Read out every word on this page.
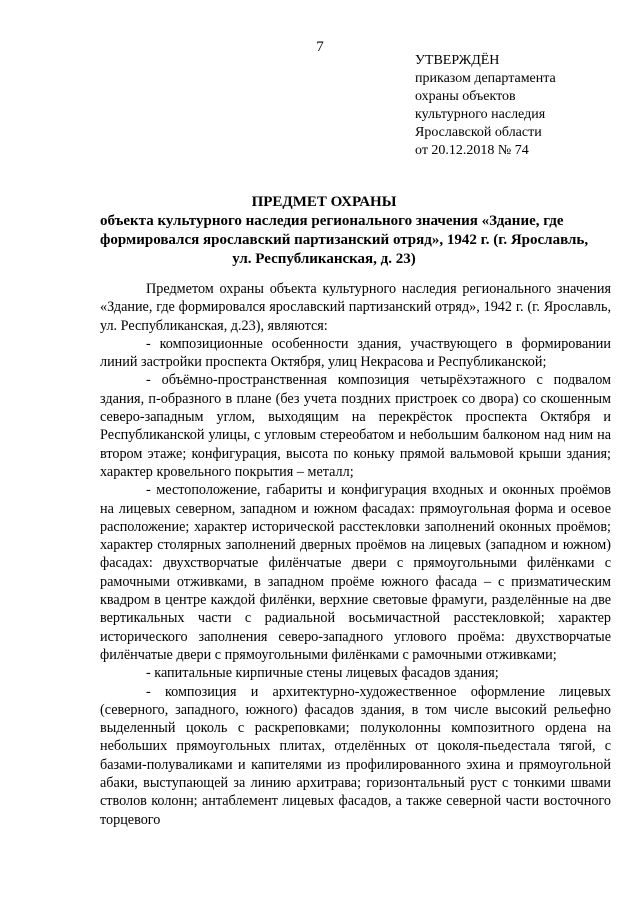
7
УТВЕРЖДЁН
приказом департамента
охраны объектов
культурного наследия
Ярославской области
от 20.12.2018 № 74
ПРЕДМЕТ ОХРАНЫ
объекта культурного наследия регионального значения «Здание, где
формировался ярославский партизанский отряд», 1942 г. (г. Ярославль,
ул. Республиканская, д. 23)

Предметом охраны объекта культурного наследия регионального значения «Здание, где формировался ярославский партизанский отряд», 1942 г. (г. Ярославль, ул. Республиканская, д.23), являются:

- композиционные особенности здания, участвующего в формировании линий застройки проспекта Октября, улиц Некрасова и Республиканской;

- объёмно-пространственная композиция четырёхэтажного с подвалом здания, п-образного в плане (без учета поздних пристроек со двора) со скошенным северо-западным углом, выходящим на перекрёсток проспекта Октября и Республиканской улицы, с угловым стереобатом и небольшим балконом над ним на втором этаже; конфигурация, высота по коньку прямой вальмовой крыши здания; характер кровельного покрытия – металл;

- местоположение, габариты и конфигурация входных и оконных проёмов на лицевых северном, западном и южном фасадах: прямоугольная форма и осевое расположение; характер исторической расстекловки заполнений оконных проёмов; характер столярных заполнений дверных проёмов на лицевых (западном и южном) фасадах: двухстворчатые филёнчатые двери с прямоугольными филёнками с рамочными отживками, в западном проёме южного фасада – с призматическим квадром в центре каждой филёнки, верхние световые фрамуги, разделённые на две вертикальных части с радиальной восьмичастной расстекловкой; характер исторического заполнения северо-западного углового проёма: двухстворчатые филёнчатые двери с прямоугольными филёнками с рамочными отживками;

- капитальные кирпичные стены лицевых фасадов здания;

- композиция и архитектурно-художественное оформление лицевых (северного, западного, южного) фасадов здания, в том числе высокий рельефно выделенный цоколь с раскреповками; полуколонны композитного ордена на небольших прямоугольных плитах, отделённых от цоколя-пьедестала тягой, с базами-полувaликами и капителями из профилированного эхина и прямоугольной абаки, выступающей за линию архитрава; горизонтальный руст с тонкими швами стволов колонн; антаблемент лицевых фасадов, а также северной части восточного торцевого
